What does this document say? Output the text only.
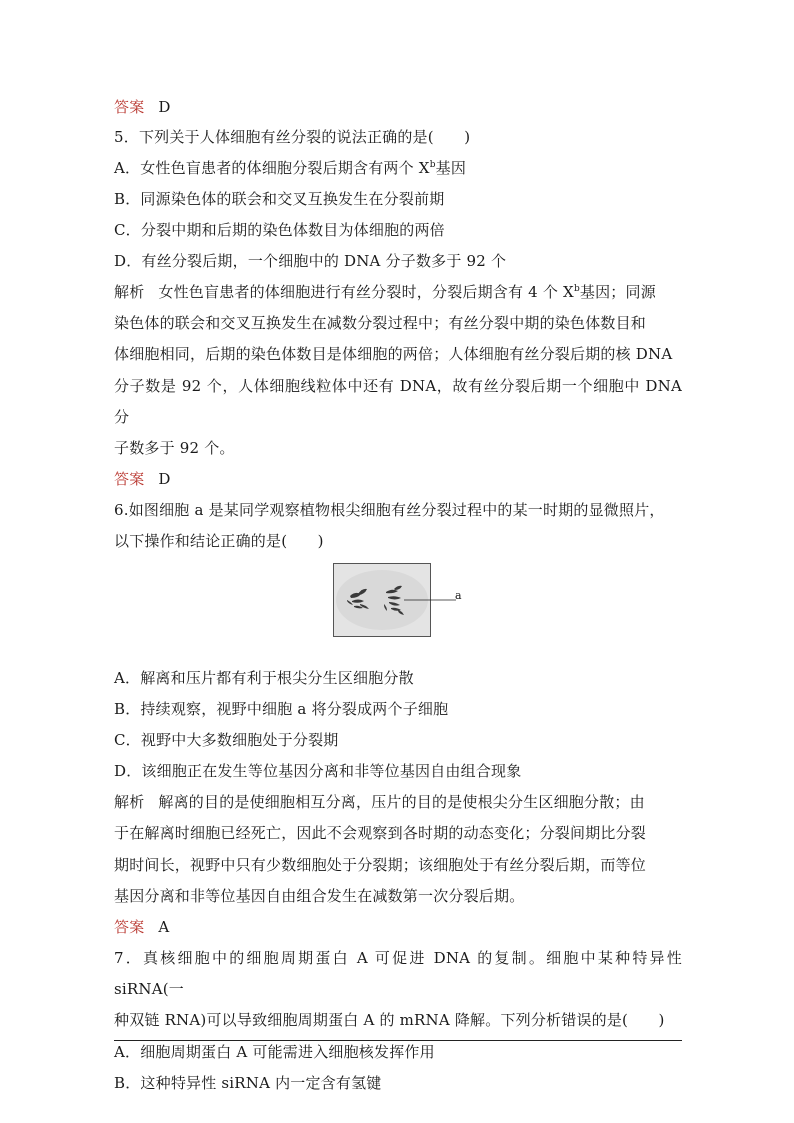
答案 D
5．下列关于人体细胞有丝分裂的说法正确的是(　　)
A．女性色盲患者的体细胞分裂后期含有两个 $X^b$基因
B．同源染色体的联会和交叉互换发生在分裂前期
C．分裂中期和后期的染色体数目为体细胞的两倍
D．有丝分裂后期，一个细胞中的 DNA 分子数多于 92 个
解析 女性色盲患者的体细胞进行有丝分裂时，分裂后期含有 4 个 $X^b$基因；同源
染色体的联会和交叉互换发生在减数分裂过程中；有丝分裂中期的染色体数目和
体细胞相同，后期的染色体数目是体细胞的两倍；人体细胞有丝分裂后期的核 DNA
分子数是 92 个，人体细胞线粒体中还有 DNA，故有丝分裂后期一个细胞中 DNA 分
子数多于 92 个。
答案 D
6.如图细胞 a 是某同学观察植物根尖细胞有丝分裂过程中的某一时期的显微照片，
以下操作和结论正确的是(　　)
a
A．解离和压片都有利于根尖分生区细胞分散
B．持续观察，视野中细胞 a 将分裂成两个子细胞
C．视野中大多数细胞处于分裂期
D．该细胞正在发生等位基因分离和非等位基因自由组合现象
解析 解离的目的是使细胞相互分离，压片的目的是使根尖分生区细胞分散；由
于在解离时细胞已经死亡，因此不会观察到各时期的动态变化；分裂间期比分裂
期时间长，视野中只有少数细胞处于分裂期；该细胞处于有丝分裂后期，而等位
基因分离和非等位基因自由组合发生在减数第一次分裂后期。
答案 A
7．真核细胞中的细胞周期蛋白 A 可促进 DNA 的复制。细胞中某种特异性 siRNA(一
种双链 RNA)可以导致细胞周期蛋白 A 的 mRNA 降解。下列分析错误的是(　　)
A．细胞周期蛋白 A 可能需进入细胞核发挥作用
B．这种特异性 siRNA 内一定含有氢键
